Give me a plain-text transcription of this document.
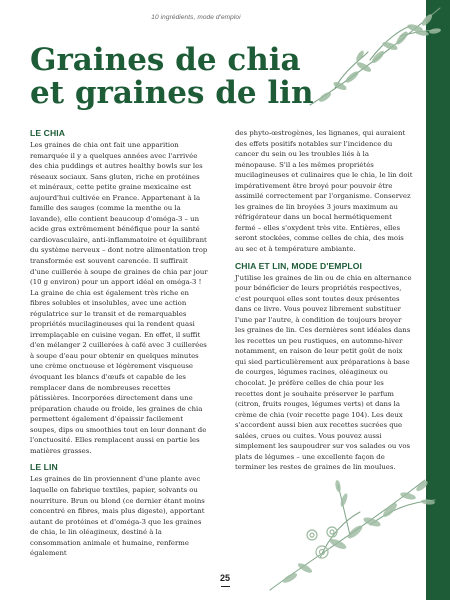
10 ingrédients, mode d'emploi
Graines de chia
et graines de lin
LE CHIA

Les graines de chia ont fait une apparition remarquée il y a quelques années avec l'arrivée des chia puddings et autres healthy bowls sur les réseaux sociaux. Sans gluten, riche en protéines et minéraux, cette petite graine mexicaine est aujourd'hui cultivée en France. Appartenant à la famille des sauges (comme la menthe ou la lavande), elle contient beaucoup d'oméga-3 – un acide gras extrêmement bénéfique pour la santé cardiovasculaire, anti-inflammatoire et équilibrant du système nerveux – dont notre alimentation trop transformée est souvent carencée. Il suffirait d'une cuillerée à soupe de graines de chia par jour (10 g environ) pour un apport idéal en oméga-3 ! La graine de chia est également très riche en fibres solubles et insolubles, avec une action régulatrice sur le transit et de remarquables propriétés mucilagineuses qui la rendent quasi irremplaçable en cuisine vegan. En effet, il suffit d'en mélanger 2 cuillerées à café avec 3 cuillerées à soupe d'eau pour obtenir en quelques minutes une crème onctueuse et légèrement visqueuse évoquant les blancs d'œufs et capable de les remplacer dans de nombreuses recettes pâtissières. Incorporées directement dans une préparation chaude ou froide, les graines de chia permettent également d'épaissir facilement soupes, dips ou smoothies tout en leur donnant de l'onctuosité. Elles remplacent aussi en partie les matières grasses.

LE LIN

Les graines de lin proviennent d'une plante avec laquelle on fabrique textiles, papier, solvants ou nourriture. Brun ou blond (ce dernier étant moins concentré en fibres, mais plus digeste), apportant autant de protéines et d'oméga-3 que les graines de chia, le lin oléagineux, destiné à la consommation animale et humaine, renferme également

des phyto-œstrogènes, les lignanes, qui auraient des effets positifs notables sur l'incidence du cancer du sein ou les troubles liés à la ménopause. S'il a les mêmes propriétés mucilagineuses et culinaires que le chia, le lin doit impérativement être broyé pour pouvoir être assimilé correctement par l'organisme. Conservez les graines de lin broyées 3 jours maximum au réfrigérateur dans un bocal hermétiquement fermé – elles s'oxydent très vite. Entières, elles seront stockées, comme celles de chia, des mois au sec et à température ambiante.

CHIA ET LIN, MODE D'EMPLOI

J'utilise les graines de lin ou de chia en alternance pour bénéficier de leurs propriétés respectives, c'est pourquoi elles sont toutes deux présentes dans ce livre. Vous pouvez librement substituer l'une par l'autre, à condition de toujours broyer les graines de lin. Ces dernières sont idéales dans les recettes un peu rustiques, en automne-hiver notamment, en raison de leur petit goût de noix qui sied particulièrement aux préparations à base de courges, légumes racines, oléagineux ou chocolat. Je préfère celles de chia pour les recettes dont je souhaite préserver le parfum (citron, fruits rouges, légumes verts) et dans la crème de chia (voir recette page 104). Les deux s'accordent aussi bien aux recettes sucrées que salées, crues ou cuites. Vous pouvez aussi simplement les saupoudrer sur vos salades ou vos plats de légumes – une excellente façon de terminer les restes de graines de lin moulues.

25
